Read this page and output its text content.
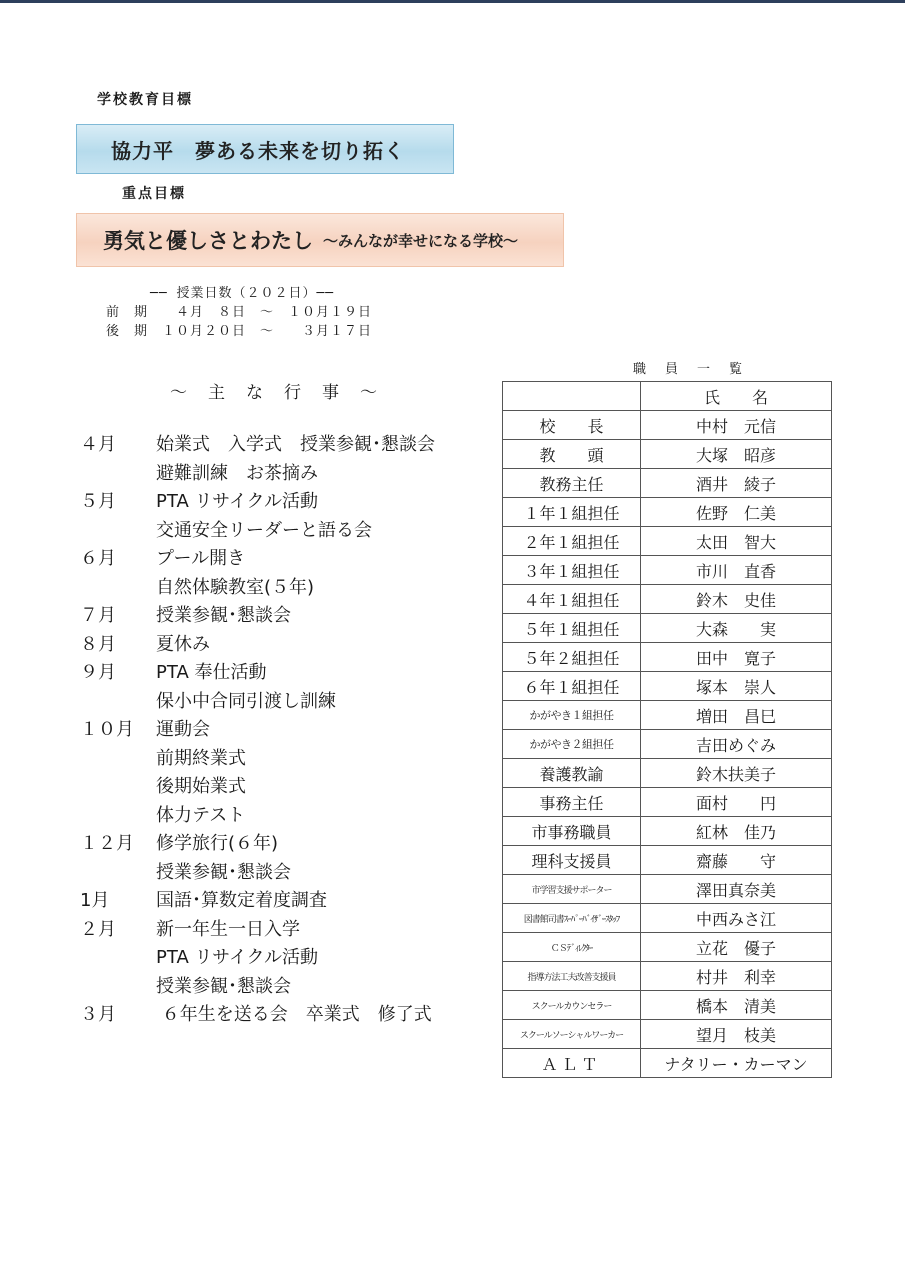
学校教育目標
協力平　夢ある未来を切り拓く
重点目標
勇気と優しさとわたし ～みんなが幸せになる学校～
── 授業日数（２０２日）──
前　期　　４月　８日　～　１０月１９日
後　期　１０月２０日　～　　３月１７日
～　主　な　行　事　～
４月 始業式　入学式　授業参観･懇談会
避難訓練　お茶摘み
５月 PTA リサイクル活動
交通安全リーダーと語る会
６月 プール開き
自然体験教室(５年)
７月 授業参観･懇談会
８月 夏休み
９月 PTA 奉仕活動
保小中合同引渡し訓練
１０月 運動会
前期終業式
後期始業式
体力テスト
１２月 修学旅行(６年)
授業参観･懇談会
1月	国語･算数定着度調査
２月 新一年生一日入学
PTA リサイクル活動
授業参観･懇談会
３月 ６年生を送る会　卒業式　修了式
職　員　一　覧
	氏　　名
校　　長	中村　元信
教　　頭	大塚　昭彦
教務主任	酒井　綾子
１年１組担任	佐野　仁美
２年１組担任	太田　智大
３年１組担任	市川　直香
４年１組担任	鈴木　史佳
５年１組担任	大森　　実
５年２組担任	田中　寛子
６年１組担任	塚本　崇人
かがやき１組担任	増田　昌巳
かがやき２組担任	吉田めぐみ
養護教諭	鈴木扶美子
事務主任	面村　　円
市事務職員	紅林　佳乃
理科支援員	齋藤　　守
市学習支援サポーター	澤田真奈美
図書館司書ｽｰﾊﾟｰﾊﾞｲｻﾞｰｽﾀｯﾌ	中西みさ江
ＣＳﾃﾞｨﾚｸﾀｰ	立花　優子
指導方法工夫改善支援員	村井　利幸
スクールカウンセラー	橋本　清美
スクールソーシャルワーカー	望月　枝美
ＡＬＴ	ナタリー・カーマン
